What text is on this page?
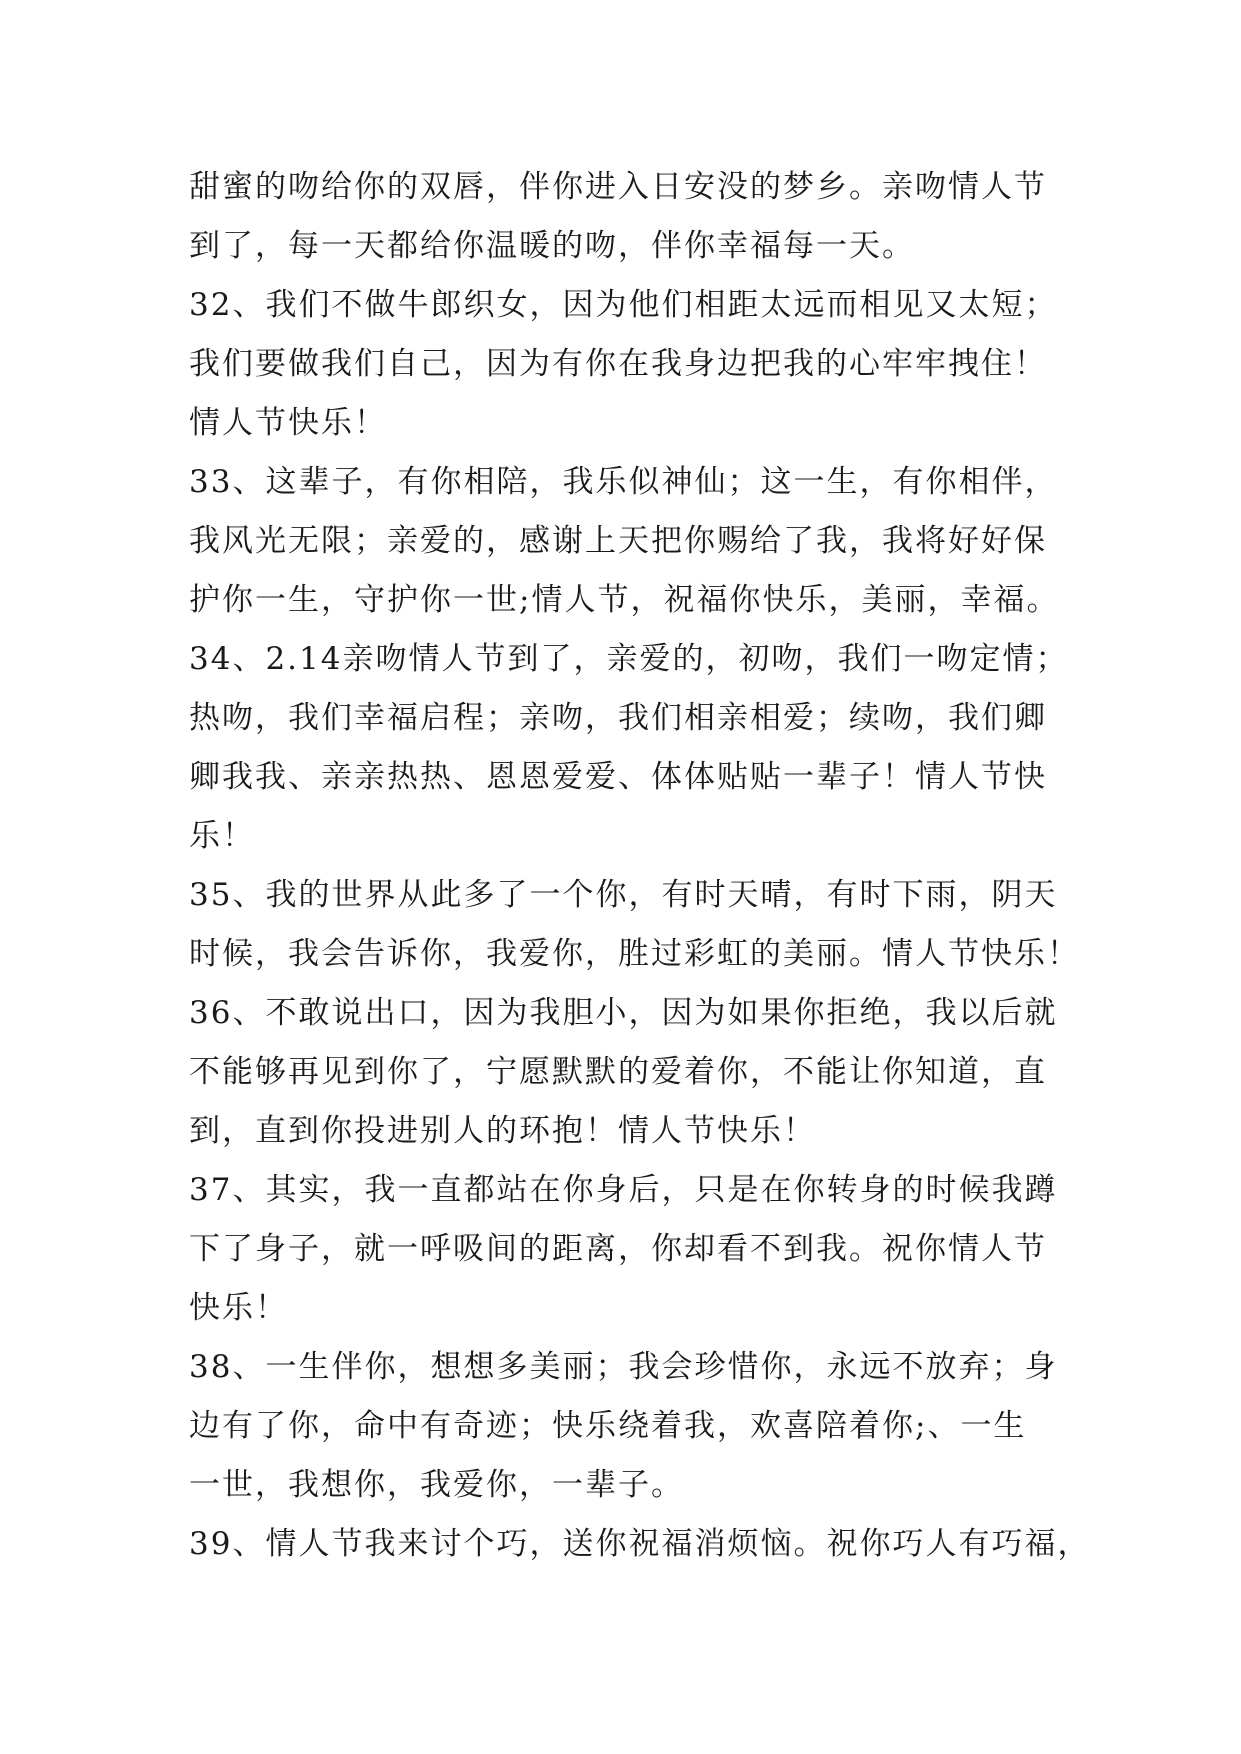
甜蜜的吻给你的双唇，伴你进入日安没的梦乡。亲吻情人节
到了，每一天都给你温暖的吻，伴你幸福每一天。
32、我们不做牛郎织女，因为他们相距太远而相见又太短；
我们要做我们自己，因为有你在我身边把我的心牢牢拽住！
情人节快乐！
33、这辈子，有你相陪，我乐似神仙；这一生，有你相伴，
我风光无限；亲爱的，感谢上天把你赐给了我，我将好好保
护你一生，守护你一世;情人节，祝福你快乐，美丽，幸福。
34、2.14亲吻情人节到了，亲爱的，初吻，我们一吻定情；
热吻，我们幸福启程；亲吻，我们相亲相爱；续吻，我们卿
卿我我、亲亲热热、恩恩爱爱、体体贴贴一辈子！情人节快
乐！
35、我的世界从此多了一个你，有时天晴，有时下雨，阴天
时候，我会告诉你，我爱你，胜过彩虹的美丽。情人节快乐！
36、不敢说出口，因为我胆小，因为如果你拒绝，我以后就
不能够再见到你了，宁愿默默的爱着你，不能让你知道，直
到，直到你投进别人的环抱！情人节快乐！
37、其实，我一直都站在你身后，只是在你转身的时候我蹲
下了身子，就一呼吸间的距离，你却看不到我。祝你情人节
快乐！
38、一生伴你，想想多美丽；我会珍惜你，永远不放弃；身
边有了你，命中有奇迹；快乐绕着我，欢喜陪着你;、一生
一世，我想你，我爱你，一辈子。
39、情人节我来讨个巧，送你祝福消烦恼。祝你巧人有巧福，
